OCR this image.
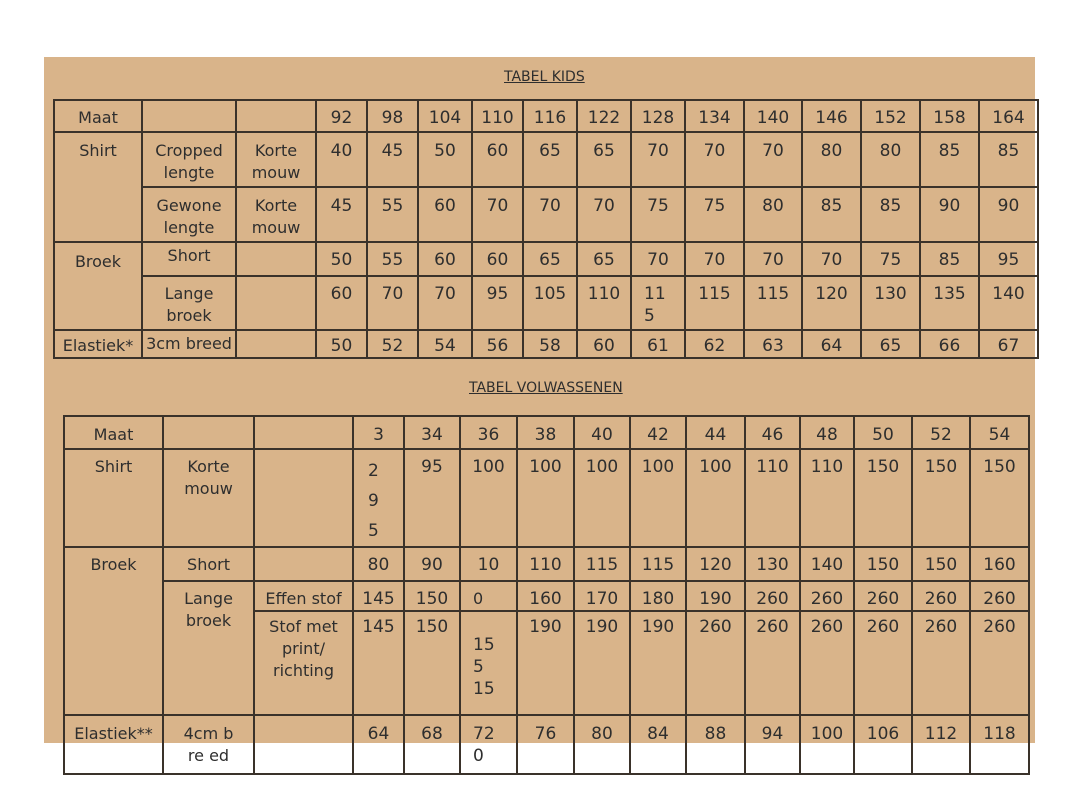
TABEL KIDS
Maat			92	98	104	110	116	122	128	134	140	146	152	158	164
Shirt	Cropped lengte	Korte mouw	40	45	50	60	65	65	70	70	70	80	80	85	85
	Gewone lengte	Korte mouw	45	55	60	70	70	70	75	75	80	85	85	90	90
Broek	Short		50	55	60	60	65	65	70	70	70	70	75	85	95
	Lange broek		60	70	70	95	105	110	115	115	115	120	130	135	140
Elastiek*	3cm breed		50	52	54	56	58	60	61	62	63	64	65	66	67
TABEL VOLWASSENEN
Maat			3	34	36	38	40	42	44	46	48	50	52	54
Shirt	Korte mouw		295	95	100	100	100	100	100	110	110	150	150	150
Broek	Short		80	90	10	110	115	115	120	130	140	150	150	160
	Lange broek	Effen stof	145	150	0	160	170	180	190	260	260	260	260	260
		Stof met print/ richting	145	150	155 15	190	190	190	260	260	260	260	260	260
Elastiek**	4cm bre ed		64	68	720	76	80	84	88	94	100	106	112	118
